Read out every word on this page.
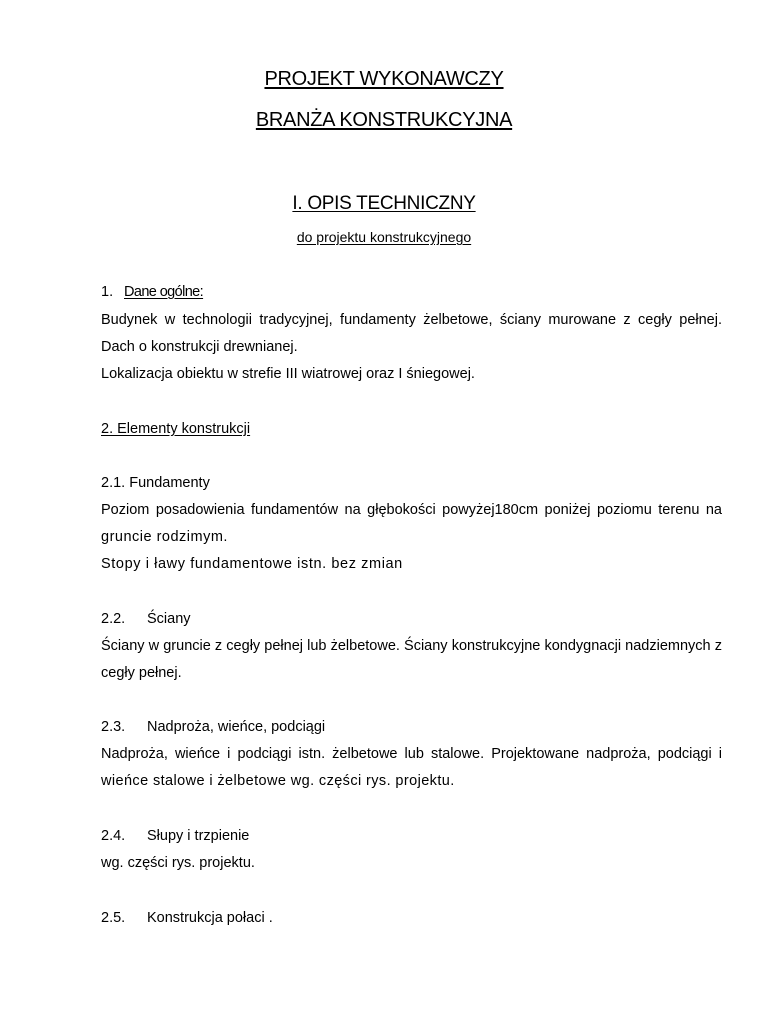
PROJEKT WYKONAWCZY
BRANŻA KONSTRUKCYJNA
I. OPIS TECHNICZNY
do projektu konstrukcyjnego
1. Dane ogólne:
Budynek w technologii tradycyjnej, fundamenty żelbetowe, ściany murowane z cegły pełnej.
Dach o konstrukcji drewnianej.
Lokalizacja obiektu w strefie III wiatrowej oraz I śniegowej.
2. Elementy konstrukcji
2.1. Fundamenty
Poziom posadowienia fundamentów na głębokości powyżej180cm poniżej poziomu terenu na
gruncie rodzimym.
Stopy i ławy fundamentowe istn. bez zmian
2.2. Ściany
Ściany w gruncie z cegły pełnej lub żelbetowe. Ściany konstrukcyjne kondygnacji nadziemnych z
cegły pełnej.
2.3. Nadproża, wieńce, podciągi
Nadproża, wieńce i podciągi istn. żelbetowe lub stalowe. Projektowane nadproża, podciągi i
wieńce stalowe i żelbetowe wg. części rys. projektu.
2.4. Słupy i trzpienie
wg. części rys. projektu.
2.5. Konstrukcja połaci .
